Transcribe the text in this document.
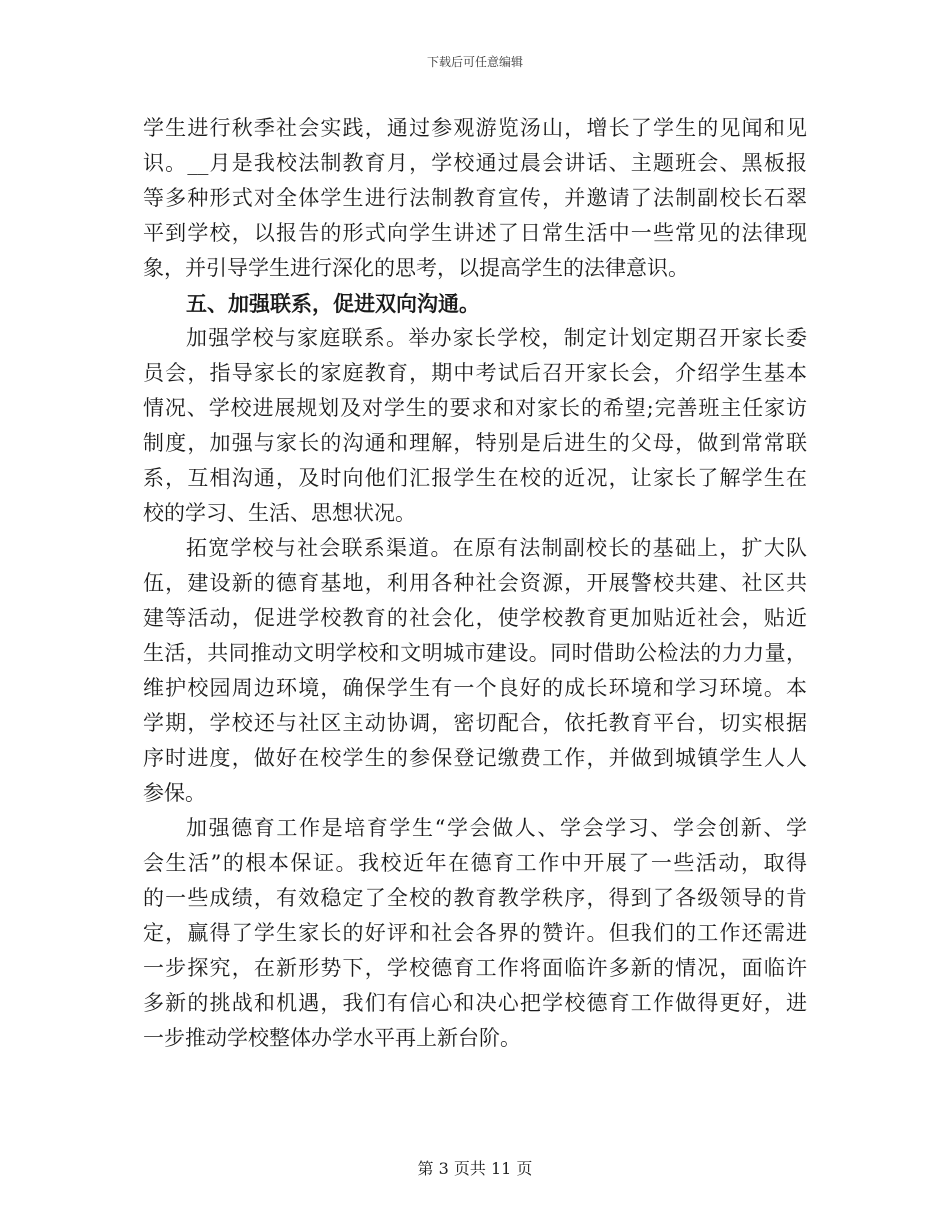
下载后可任意编辑
学生进行秋季社会实践，通过参观游览汤山，增长了学生的见闻和见
识。__月是我校法制教育月，学校通过晨会讲话、主题班会、黑板报
等多种形式对全体学生进行法制教育宣传，并邀请了法制副校长石翠
平到学校，以报告的形式向学生讲述了日常生活中一些常见的法律现
象，并引导学生进行深化的思考，以提高学生的法律意识。
五、加强联系，促进双向沟通。
加强学校与家庭联系。举办家长学校，制定计划定期召开家长委
员会，指导家长的家庭教育，期中考试后召开家长会，介绍学生基本
情况、学校进展规划及对学生的要求和对家长的希望;完善班主任家访
制度，加强与家长的沟通和理解，特别是后进生的父母，做到常常联
系，互相沟通，及时向他们汇报学生在校的近况，让家长了解学生在
校的学习、生活、思想状况。
拓宽学校与社会联系渠道。在原有法制副校长的基础上，扩大队
伍，建设新的德育基地，利用各种社会资源，开展警校共建、社区共
建等活动，促进学校教育的社会化，使学校教育更加贴近社会，贴近
生活，共同推动文明学校和文明城市建设。同时借助公检法的力力量，
维护校园周边环境，确保学生有一个良好的成长环境和学习环境。本
学期，学校还与社区主动协调，密切配合，依托教育平台，切实根据
序时进度，做好在校学生的参保登记缴费工作，并做到城镇学生人人
参保。
加强德育工作是培育学生“学会做人、学会学习、学会创新、学
会生活”的根本保证。我校近年在德育工作中开展了一些活动，取得
的一些成绩，有效稳定了全校的教育教学秩序，得到了各级领导的肯
定，赢得了学生家长的好评和社会各界的赞许。但我们的工作还需进
一步探究，在新形势下，学校德育工作将面临许多新的情况，面临许
多新的挑战和机遇，我们有信心和决心把学校德育工作做得更好，进
一步推动学校整体办学水平再上新台阶。
第 3 页共 11 页
